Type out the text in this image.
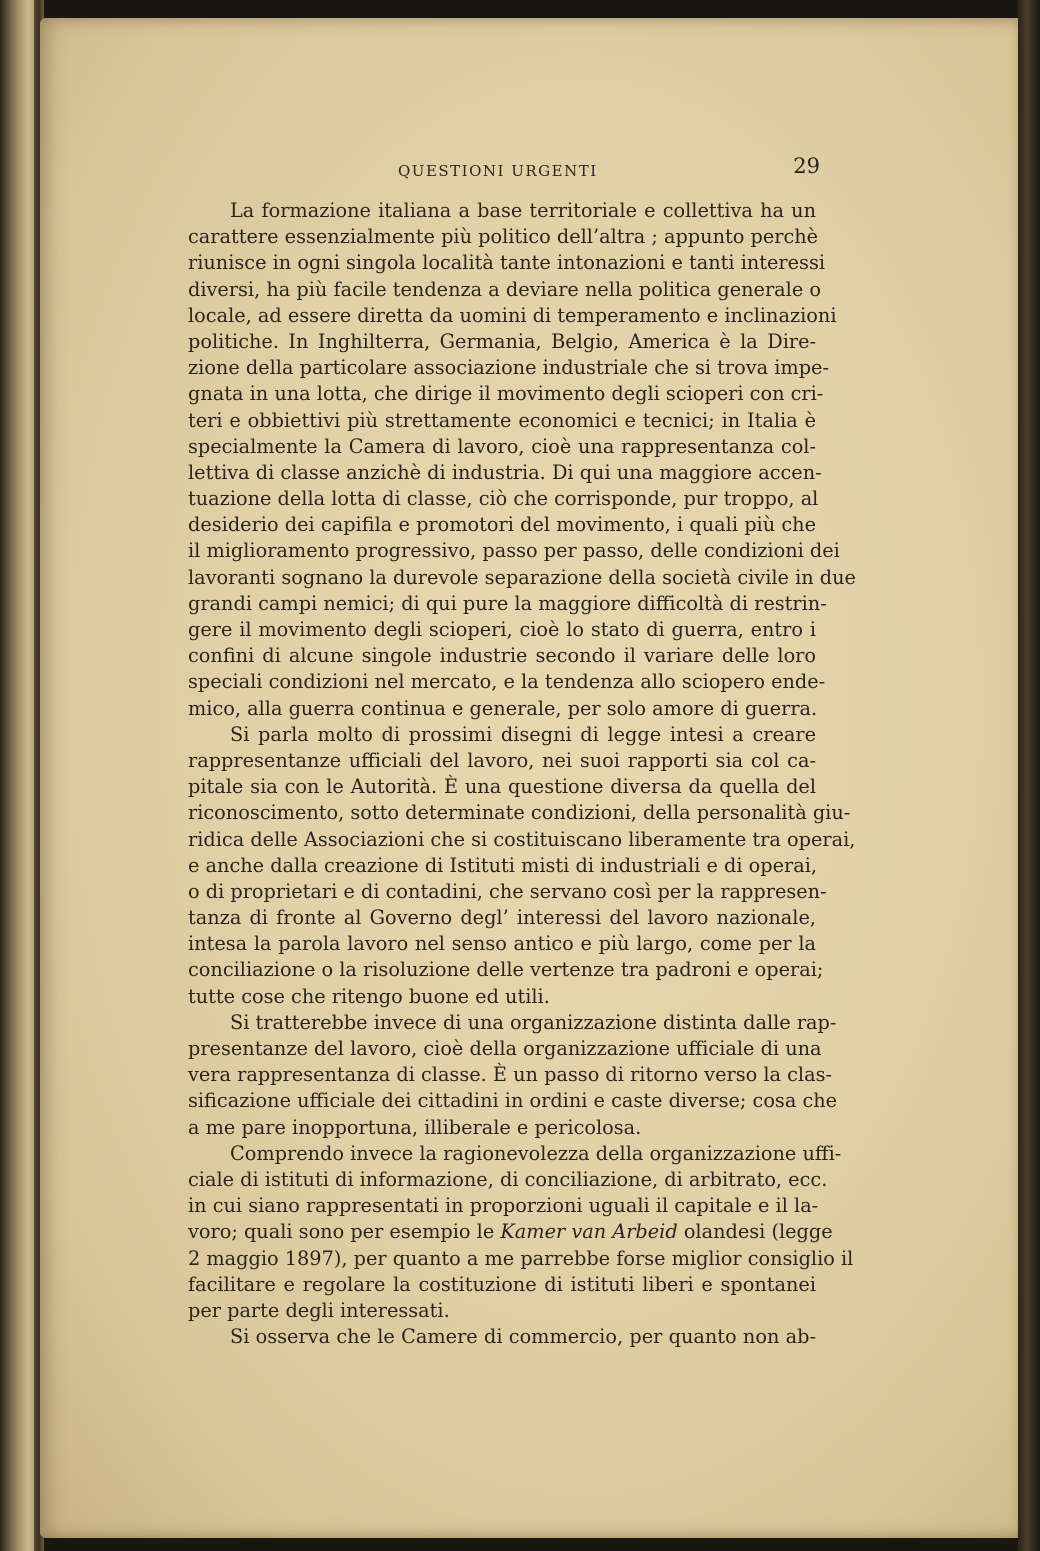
QUESTIONI URGENTI	29
La formazione italiana a base territoriale e collettiva ha un
carattere essenzialmente più politico dell’altra ; appunto perchè
riunisce in ogni singola località tante intonazioni e tanti interessi
diversi, ha più facile tendenza a deviare nella politica generale o
locale, ad essere diretta da uomini di temperamento e inclinazioni
politiche. In Inghilterra, Germania, Belgio, America è la Dire-
zione della particolare associazione industriale che si trova impe-
gnata in una lotta, che dirige il movimento degli scioperi con cri-
teri e obbiettivi più strettamente economici e tecnici; in Italia è
specialmente la Camera di lavoro, cioè una rappresentanza col-
lettiva di classe anzichè di industria. Di qui una maggiore accen-
tuazione della lotta di classe, ciò che corrisponde, pur troppo, al
desiderio dei capifila e promotori del movimento, i quali più che
il miglioramento progressivo, passo per passo, delle condizioni dei
lavoranti sognano la durevole separazione della società civile in due
grandi campi nemici; di qui pure la maggiore difficoltà di restrin-
gere il movimento degli scioperi, cioè lo stato di guerra, entro i
confini di alcune singole industrie secondo il variare delle loro
speciali condizioni nel mercato, e la tendenza allo sciopero ende-
mico, alla guerra continua e generale, per solo amore di guerra.
Si parla molto di prossimi disegni di legge intesi a creare
rappresentanze ufficiali del lavoro, nei suoi rapporti sia col ca-
pitale sia con le Autorità. È una questione diversa da quella del
riconoscimento, sotto determinate condizioni, della personalità giu-
ridica delle Associazioni che si costituiscano liberamente tra operai,
e anche dalla creazione di Istituti misti di industriali e di operai,
o di proprietari e di contadini, che servano così per la rappresen-
tanza di fronte al Governo degl’ interessi del lavoro nazionale,
intesa la parola lavoro nel senso antico e più largo, come per la
conciliazione o la risoluzione delle vertenze tra padroni e operai;
tutte cose che ritengo buone ed utili.
Si tratterebbe invece di una organizzazione distinta dalle rap-
presentanze del lavoro, cioè della organizzazione ufficiale di una
vera rappresentanza di classe. È un passo di ritorno verso la clas-
sificazione ufficiale dei cittadini in ordini e caste diverse; cosa che
a me pare inopportuna, illiberale e pericolosa.
Comprendo invece la ragionevolezza della organizzazione uffi-
ciale di istituti di informazione, di conciliazione, di arbitrato, ecc.
in cui siano rappresentati in proporzioni uguali il capitale e il la-
voro; quali sono per esempio le Kamer van Arbeid olandesi (legge
2 maggio 1897), per quanto a me parrebbe forse miglior consiglio il
facilitare e regolare la costituzione di istituti liberi e spontanei
per parte degli interessati.
Si osserva che le Camere di commercio, per quanto non ab-
